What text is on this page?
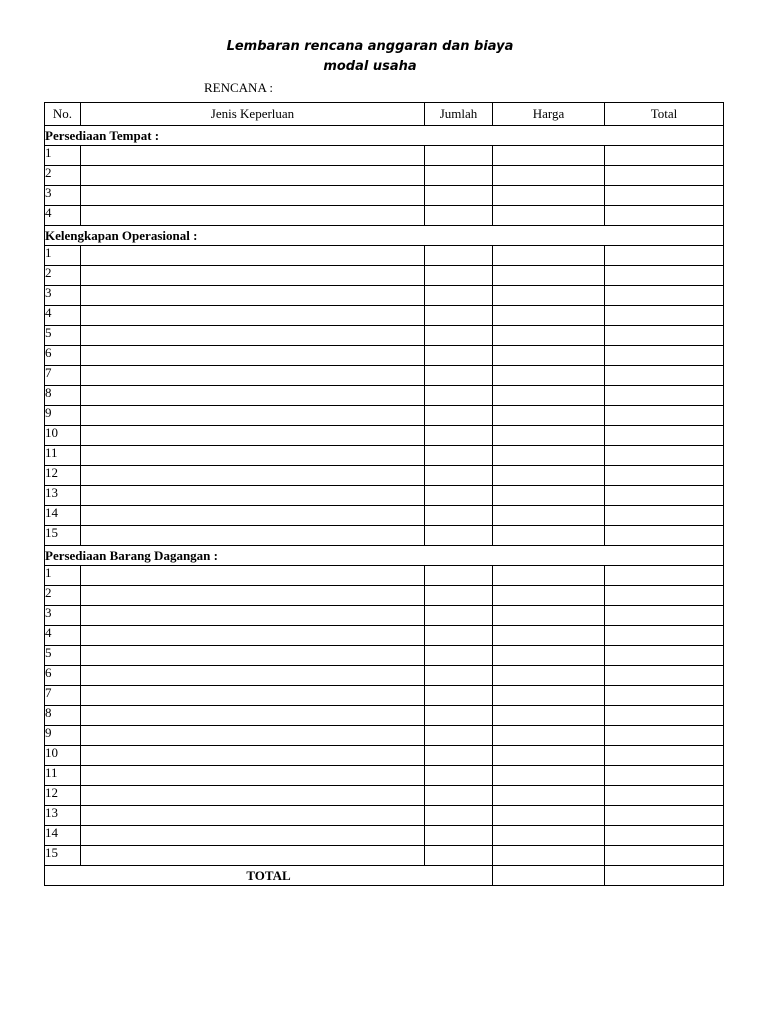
Lembaran rencana anggaran dan biaya
modal usaha
RENCANA :
No.	Jenis Keperluan	Jumlah	Harga	Total
Persediaan Tempat :				
1				
2				
3				
4				
Kelengkapan Operasional :				
1				
2				
3				
4				
5				
6				
7				
8				
9				
10				
11				
12				
13				
14				
15				
Persediaan Barang Dagangan :				
1				
2				
3				
4				
5				
6				
7				
8				
9				
10				
11				
12				
13				
14				
15				
TOTAL				
